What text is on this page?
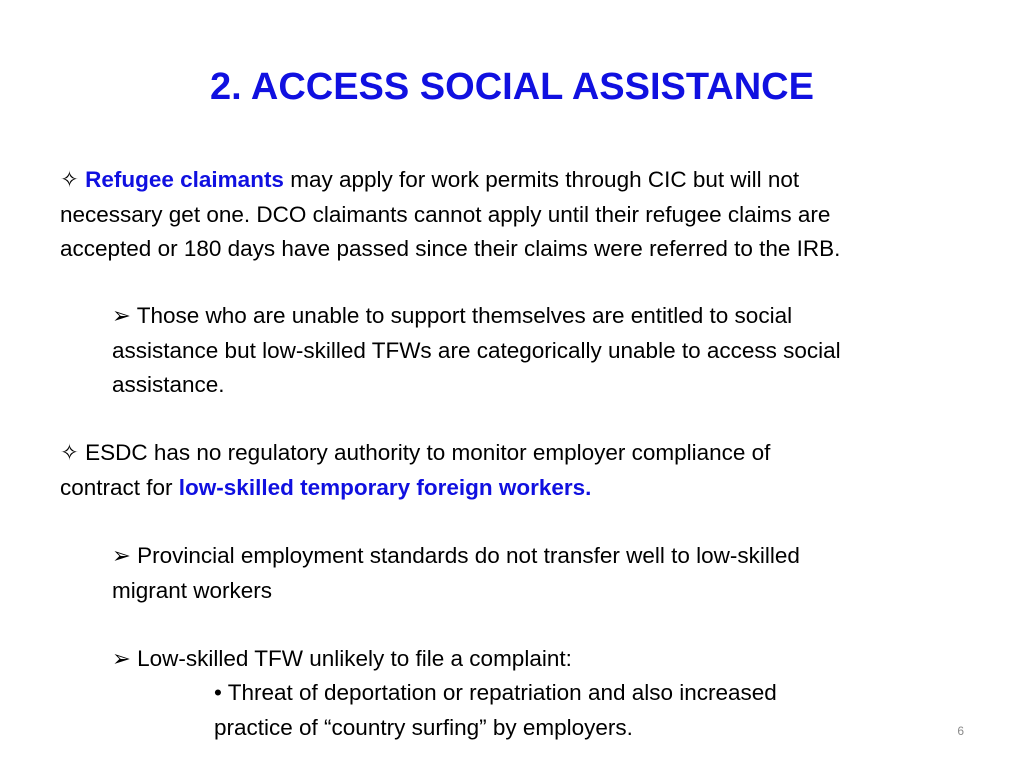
2. ACCESS SOCIAL ASSISTANCE
✧ Refugee claimants may apply for work permits through CIC but will not
necessary get one. DCO claimants cannot apply until their refugee claims are
accepted or 180 days have passed since their claims were referred to the IRB.
➢ Those who are unable to support themselves are entitled to social
assistance but low-skilled TFWs are categorically unable to access social
assistance.
✧ ESDC has no regulatory authority to monitor employer compliance of
contract for low-skilled temporary foreign workers.
➢ Provincial employment standards do not transfer well to low-skilled
migrant workers
➢ Low-skilled TFW unlikely to file a complaint:
• Threat of deportation or repatriation and also increased
practice of “country surfing” by employers.	6
